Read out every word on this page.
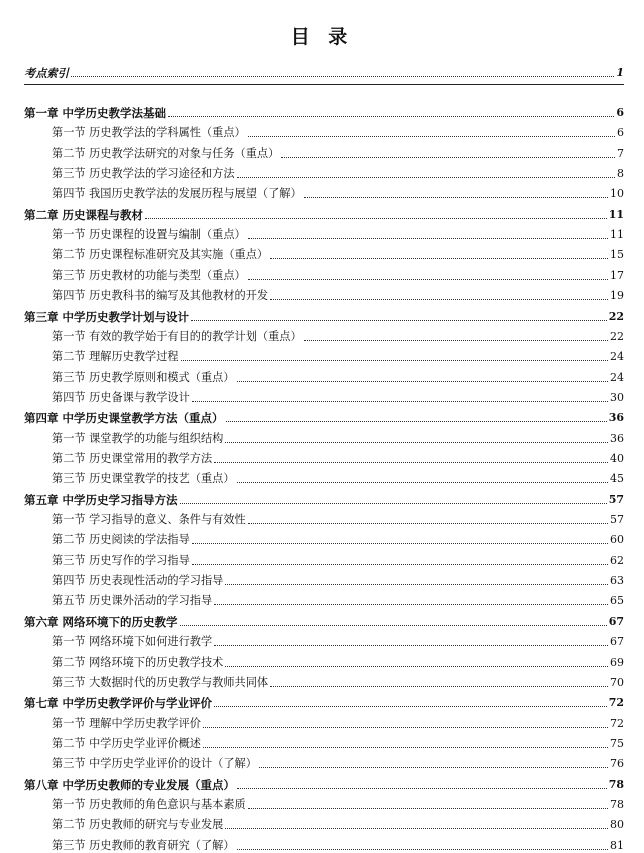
目 录
考点索引	1
第一章 中学历史教学法基础	6
第一节 历史教学法的学科属性（重点）	6
第二节 历史教学法研究的对象与任务（重点）	7
第三节 历史教学法的学习途径和方法	8
第四节 我国历史教学法的发展历程与展望（了解）	10
第二章 历史课程与教材	11
第一节 历史课程的设置与编制（重点）	11
第二节 历史课程标准研究及其实施（重点）	15
第三节 历史教材的功能与类型（重点）	17
第四节 历史教科书的编写及其他教材的开发	19
第三章 中学历史教学计划与设计	22
第一节 有效的教学始于有目的的教学计划（重点）	22
第二节 理解历史教学过程	24
第三节 历史教学原则和模式（重点）	24
第四节 历史备课与教学设计	30
第四章 中学历史课堂教学方法（重点）	36
第一节 课堂教学的功能与组织结构	36
第二节 历史课堂常用的教学方法	40
第三节 历史课堂教学的技艺（重点）	45
第五章 中学历史学习指导方法	57
第一节 学习指导的意义、条件与有效性	57
第二节 历史阅读的学法指导	60
第三节 历史写作的学习指导	62
第四节 历史表现性活动的学习指导	63
第五节 历史课外活动的学习指导	65
第六章 网络环境下的历史教学	67
第一节 网络环境下如何进行教学	67
第二节 网络环境下的历史教学技术	69
第三节 大数据时代的历史教学与教师共同体	70
第七章 中学历史教学评价与学业评价	72
第一节 理解中学历史教学评价	72
第二节 中学历史学业评价概述	75
第三节 中学历史学业评价的设计（了解）	76
第八章 中学历史教师的专业发展（重点）	78
第一节 历史教师的角色意识与基本素质	78
第二节 历史教师的研究与专业发展	80
第三节 历史教师的教育研究（了解）	81
